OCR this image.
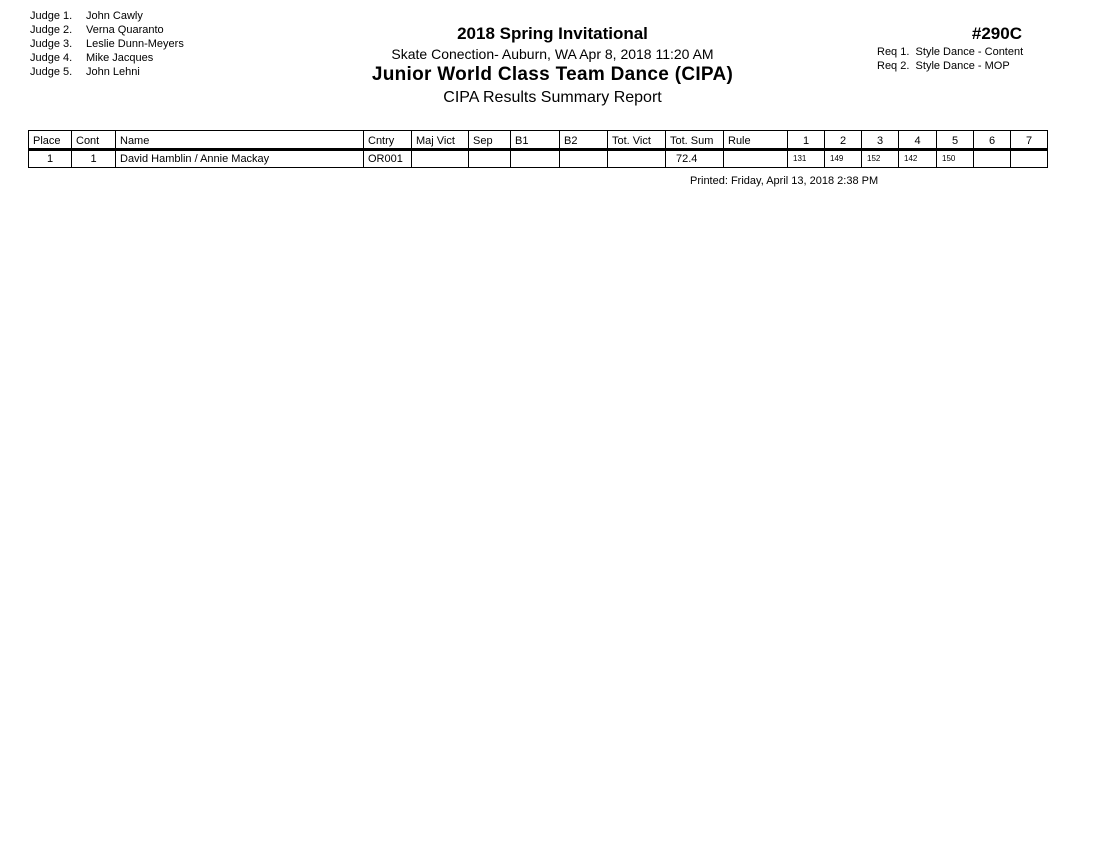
Judge 1. John Cawly
Judge 2. Verna Quaranto
Judge 3. Leslie Dunn-Meyers
Judge 4. Mike Jacques
Judge 5. John Lehni
2018 Spring Invitational
Skate Conection- Auburn, WA Apr 8, 2018 11:20 AM
Junior World Class Team Dance (CIPA)
CIPA Results Summary Report
#290C
Req 1. Style Dance - Content
Req 2. Style Dance - MOP
Place	Cont	Name	Cntry	Maj Vict	Sep	B1	B2	Tot. Vict	Tot. Sum	Rule	1	2	3	4	5	6	7
1	1	David Hamblin / Annie Mackay	OR001						72.4		131	149	152	142	150		
Printed: Friday, April 13, 2018 2:38 PM
